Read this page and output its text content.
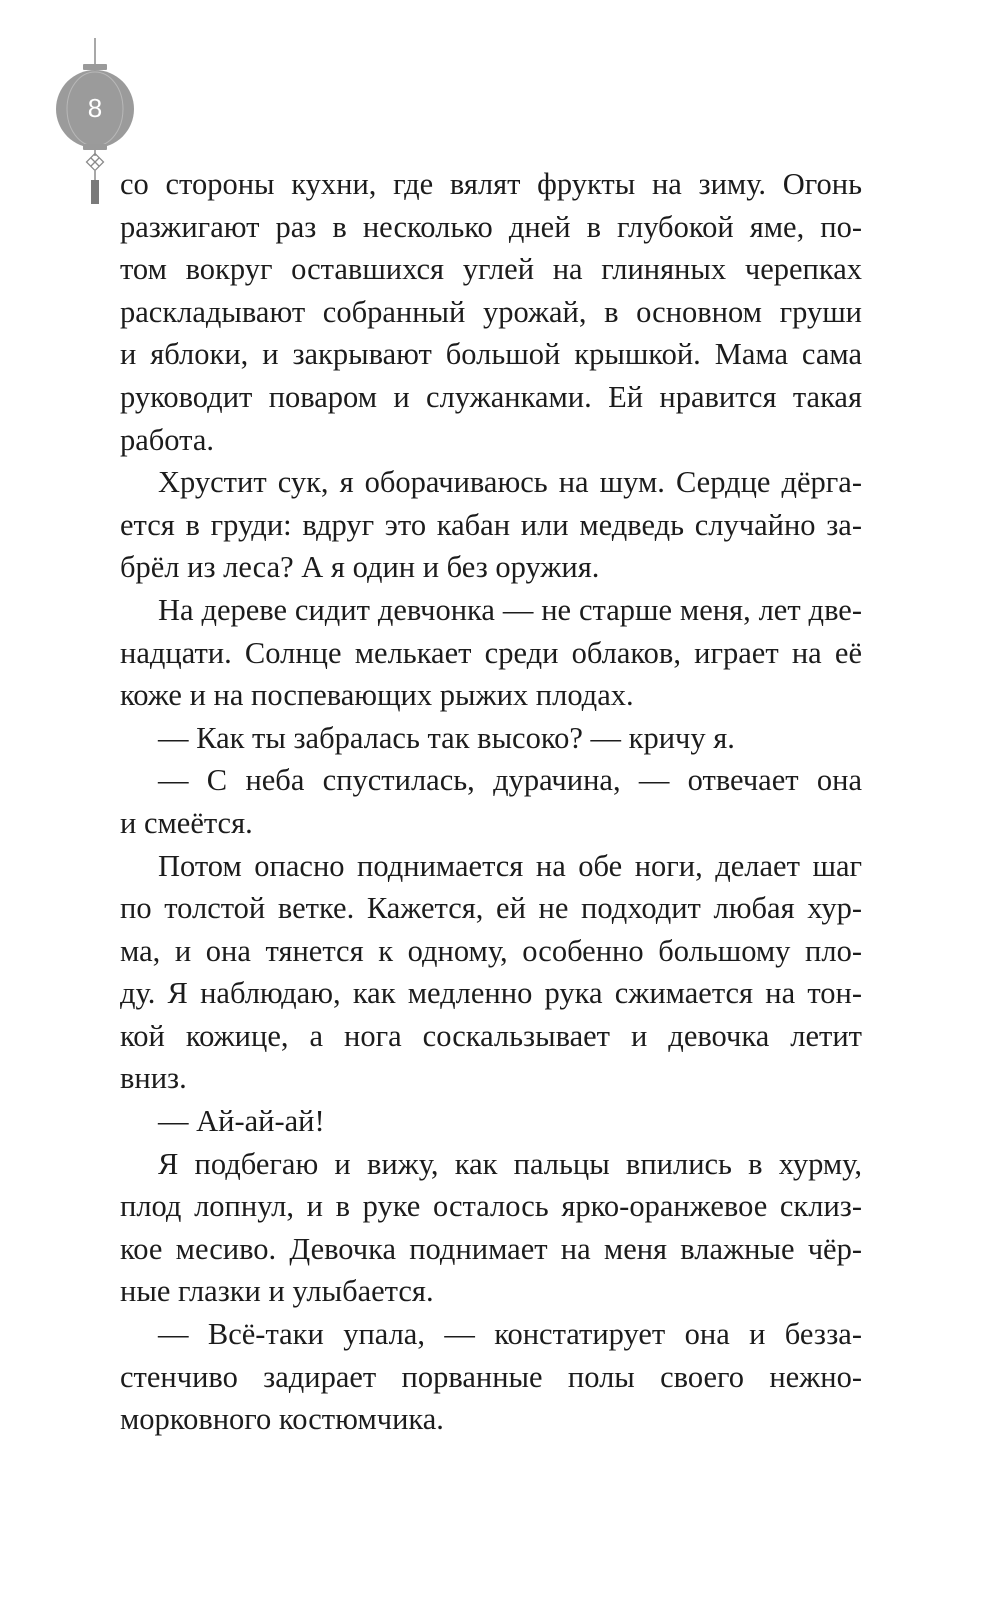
8
со стороны кухни, где вялят фрукты на зиму. Огонь
разжигают раз в несколько дней в глубокой яме, по-
том вокруг оставшихся углей на глиняных черепках
раскладывают собранный урожай, в основном груши
и яблоки, и закрывают большой крышкой. Мама сама
руководит поваром и служанками. Ей нравится такая
работа.
Хрустит сук, я оборачиваюсь на шум. Сердце дёрга-
ется в груди: вдруг это кабан или медведь случайно за-
брёл из леса? А я один и без оружия.
На дереве сидит девчонка — не старше меня, лет две-
надцати. Солнце мелькает среди облаков, играет на её
коже и на поспевающих рыжих плодах.
— Как ты забралась так высоко? — кричу я.
— С неба спустилась, дурачина, — отвечает она
и смеётся.
Потом опасно поднимается на обе ноги, делает шаг
по толстой ветке. Кажется, ей не подходит любая хур-
ма, и она тянется к одному, особенно большому пло-
ду. Я наблюдаю, как медленно рука сжимается на тон-
кой кожице, а нога соскальзывает и девочка летит
вниз.
— Ай-ай-ай!
Я подбегаю и вижу, как пальцы впились в хурму,
плод лопнул, и в руке осталось ярко-оранжевое склиз-
кое месиво. Девочка поднимает на меня влажные чёр-
ные глазки и улыбается.
— Всё-таки упала, — констатирует она и безза-
стенчиво задирает порванные полы своего нежно-
морковного костюмчика.
